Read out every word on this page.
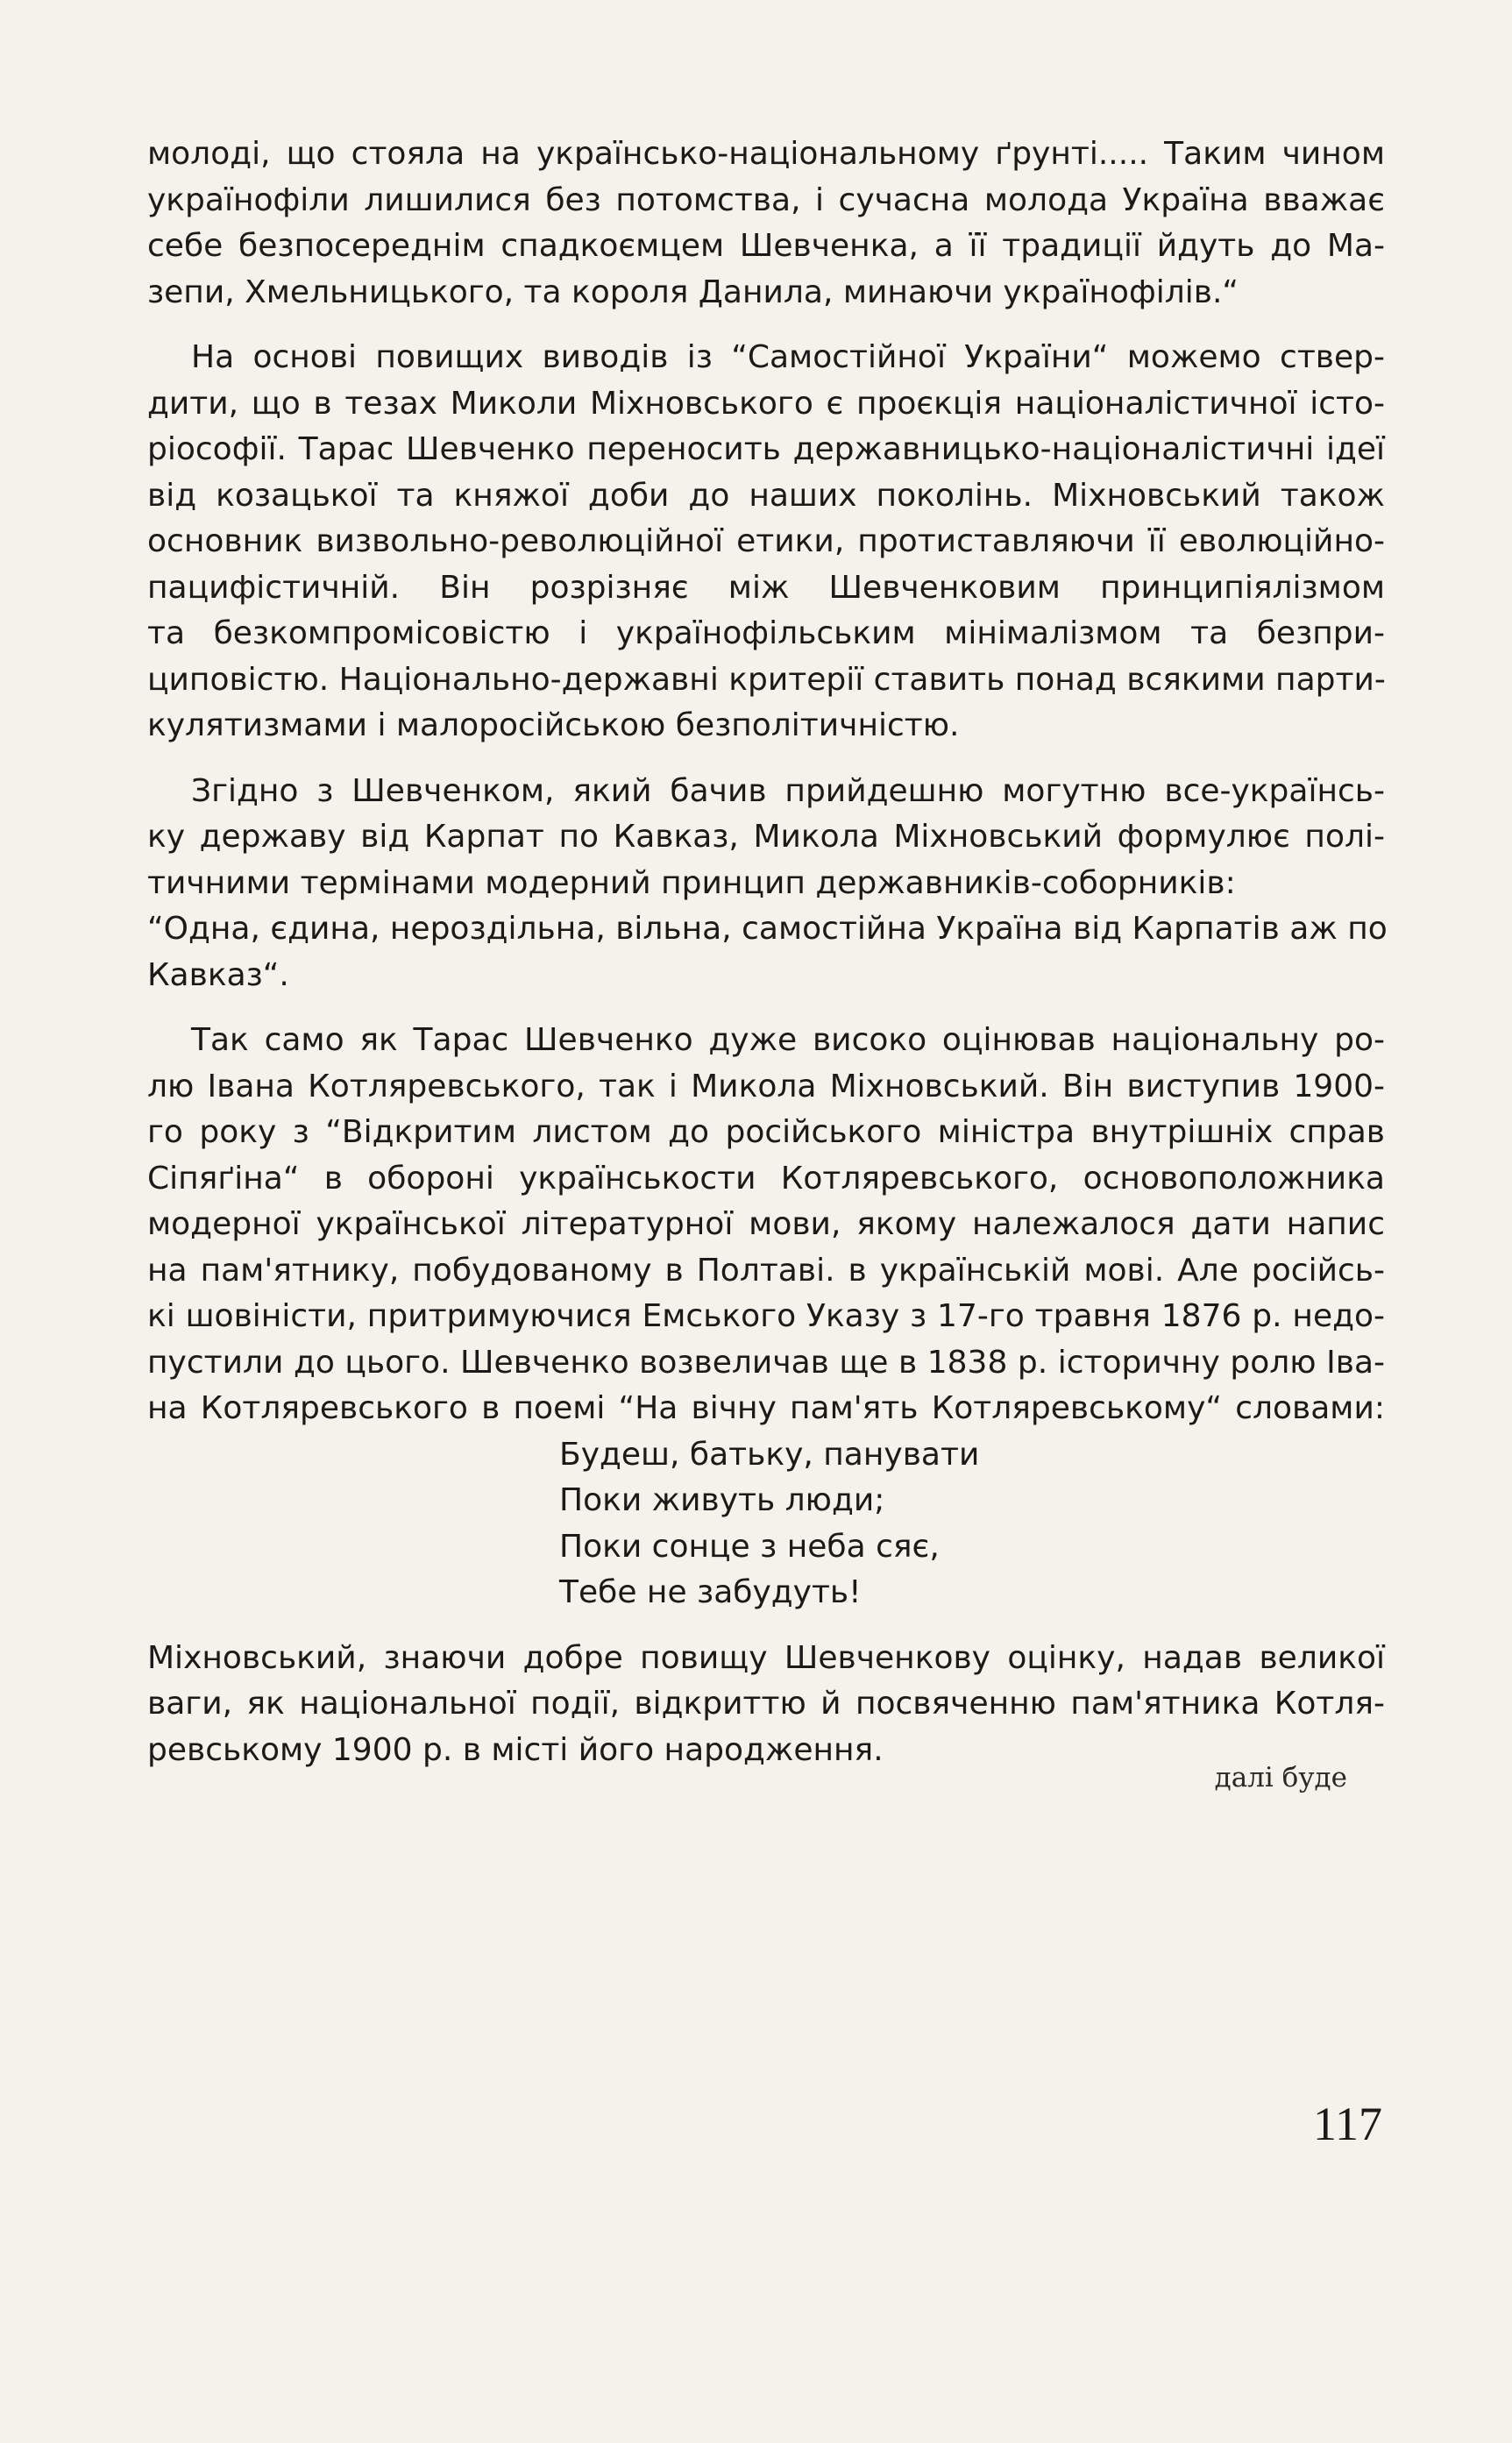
молоді, що стояла на українсько-національному ґрунті..... Таким чином
українофіли лишилися без потомства, і сучасна молода Україна вважає
себе безпосереднім спадкоємцем Шевченка, а її традиції йдуть до Ма-
зепи, Хмельницького, та короля Данила, минаючи українофілів.“

На основі повищих виводів із “Самостійної України“ можемо ствер-
дити, що в тезах Миколи Міхновського є проєкція націоналістичної істо-
ріософії. Тарас Шевченко переносить державницько-націоналістичні ідеї
від козацької та княжої доби до наших поколінь. Міхновський також
основник визвольно-революційної етики, протиставляючи її еволюційно-
пацифістичній. Він розрізняє між Шевченковим принципіялізмом
та безкомпромісовістю і українофільським мінімалізмом та безпри-
циповістю. Національно-державні критерії ставить понад всякими парти-
кулятизмами і малоросійською безполітичністю.

Згідно з Шевченком, який бачив прийдешню могутню все-українсь-
ку державу від Карпат по Кавказ, Микола Міхновський формулює полі-
тичними термінами модерний принцип державників-соборників:
“Одна, єдина, нероздільна, вільна, самостійна Україна від Карпатів аж по
Кавказ“.

Так само як Тарас Шевченко дуже високо оцінював національну ро-
лю Івана Котляревського, так і Микола Міхновський. Він виступив 1900-
го року з “Відкритим листом до російського міністра внутрішніх справ
Сіпяґіна“ в обороні українськости Котляревського, основоположника
модерної української літературної мови, якому належалося дати напис
на пам'ятнику, побудованому в Полтаві. в українській мові. Але російсь-
кі шовіністи, притримуючися Емського Указу з 17-го травня 1876 р. недо-
пустили до цього. Шевченко возвеличав ще в 1838 р. історичну ролю Іва-
на Котляревського в поемі “На вічну пам'ять Котляревському“ словами:

Будеш, батьку, панувати
Поки живуть люди;
Поки сонце з неба сяє,
Тебе не забудуть!

Міхновський, знаючи добре повищу Шевченкову оцінку, надав великої
ваги, як національної події, відкриттю й посвяченню пам'ятника Котля-
ревському 1900 р. в місті його народження.

далі буде
117
